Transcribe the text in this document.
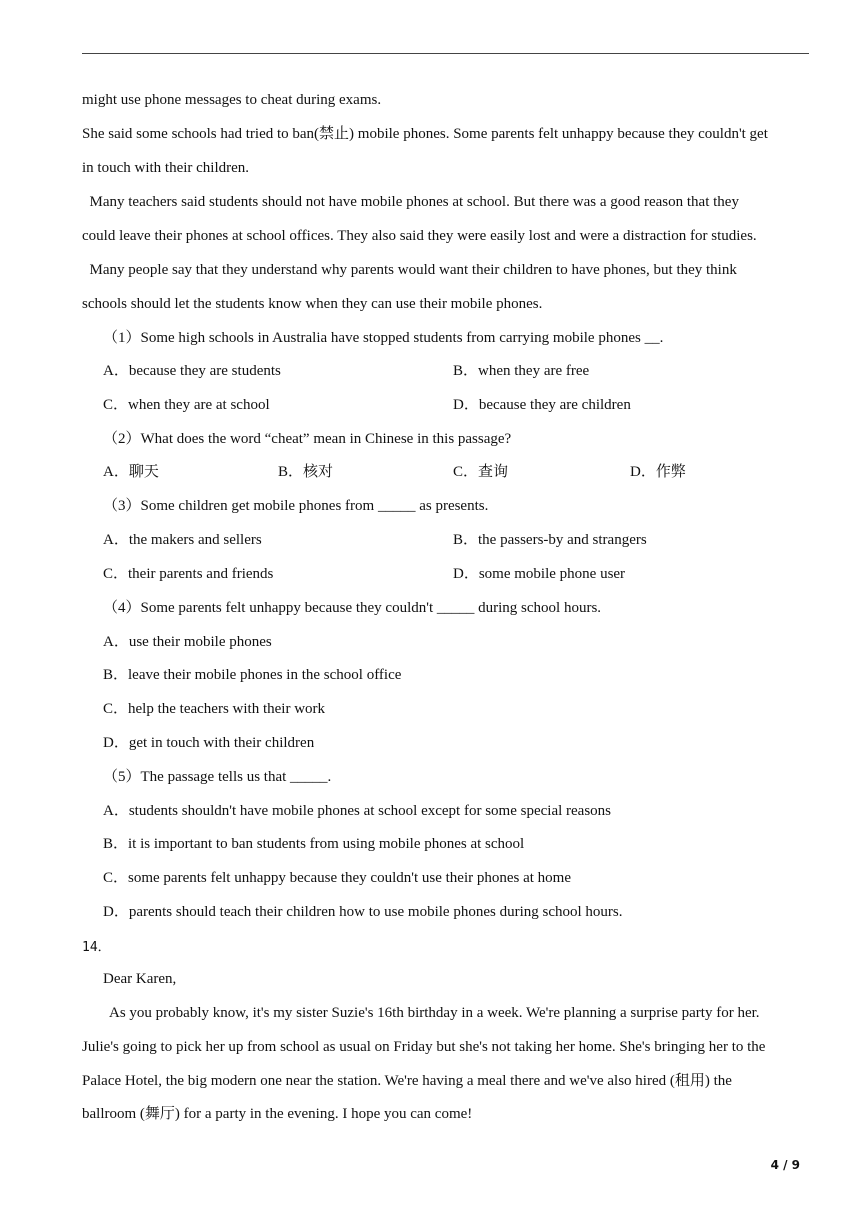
might use phone messages to cheat during exams.
She said some schools had tried to ban(禁止) mobile phones. Some parents felt unhappy because they couldn't get
in touch with their children.
Many teachers said students should not have mobile phones at school. But there was a good reason that they
could leave their phones at school offices. They also said they were easily lost and were a distraction for studies.
Many people say that they understand why parents would want their children to have phones, but they think
schools should let the students know when they can use their mobile phones.
（1）Some high schools in Australia have stopped students from carrying mobile phones __.
A．because they are students	B．when they are free
C．when they are at school	D．because they are children
（2）What does the word “cheat” mean in Chinese in this passage?
A．聊天	B．核对	C．查询	D．作弊
（3）Some children get mobile phones from _____ as presents.
A．the makers and sellers	B．the passers-by and strangers
C．their parents and friends	D．some mobile phone user
（4）Some parents felt unhappy because they couldn't _____ during school hours.
A．use their mobile phones
B．leave their mobile phones in the school office
C．help the teachers with their work
D．get in touch with their children
（5）The passage tells us that _____.
A．students shouldn't have mobile phones at school except for some special reasons
B．it is important to ban students from using mobile phones at school
C．some parents felt unhappy because they couldn't use their phones at home
D．parents should teach their children how to use mobile phones during school hours.
14．
Dear Karen,
As you probably know, it's my sister Suzie's 16th birthday in a week. We're planning a surprise party for her.
Julie's going to pick her up from school as usual on Friday but she's not taking her home. She's bringing her to the
Palace Hotel, the big modern one near the station. We're having a meal there and we've also hired (租用) the
ballroom (舞厅) for a party in the evening. I hope you can come!
4 / 9
